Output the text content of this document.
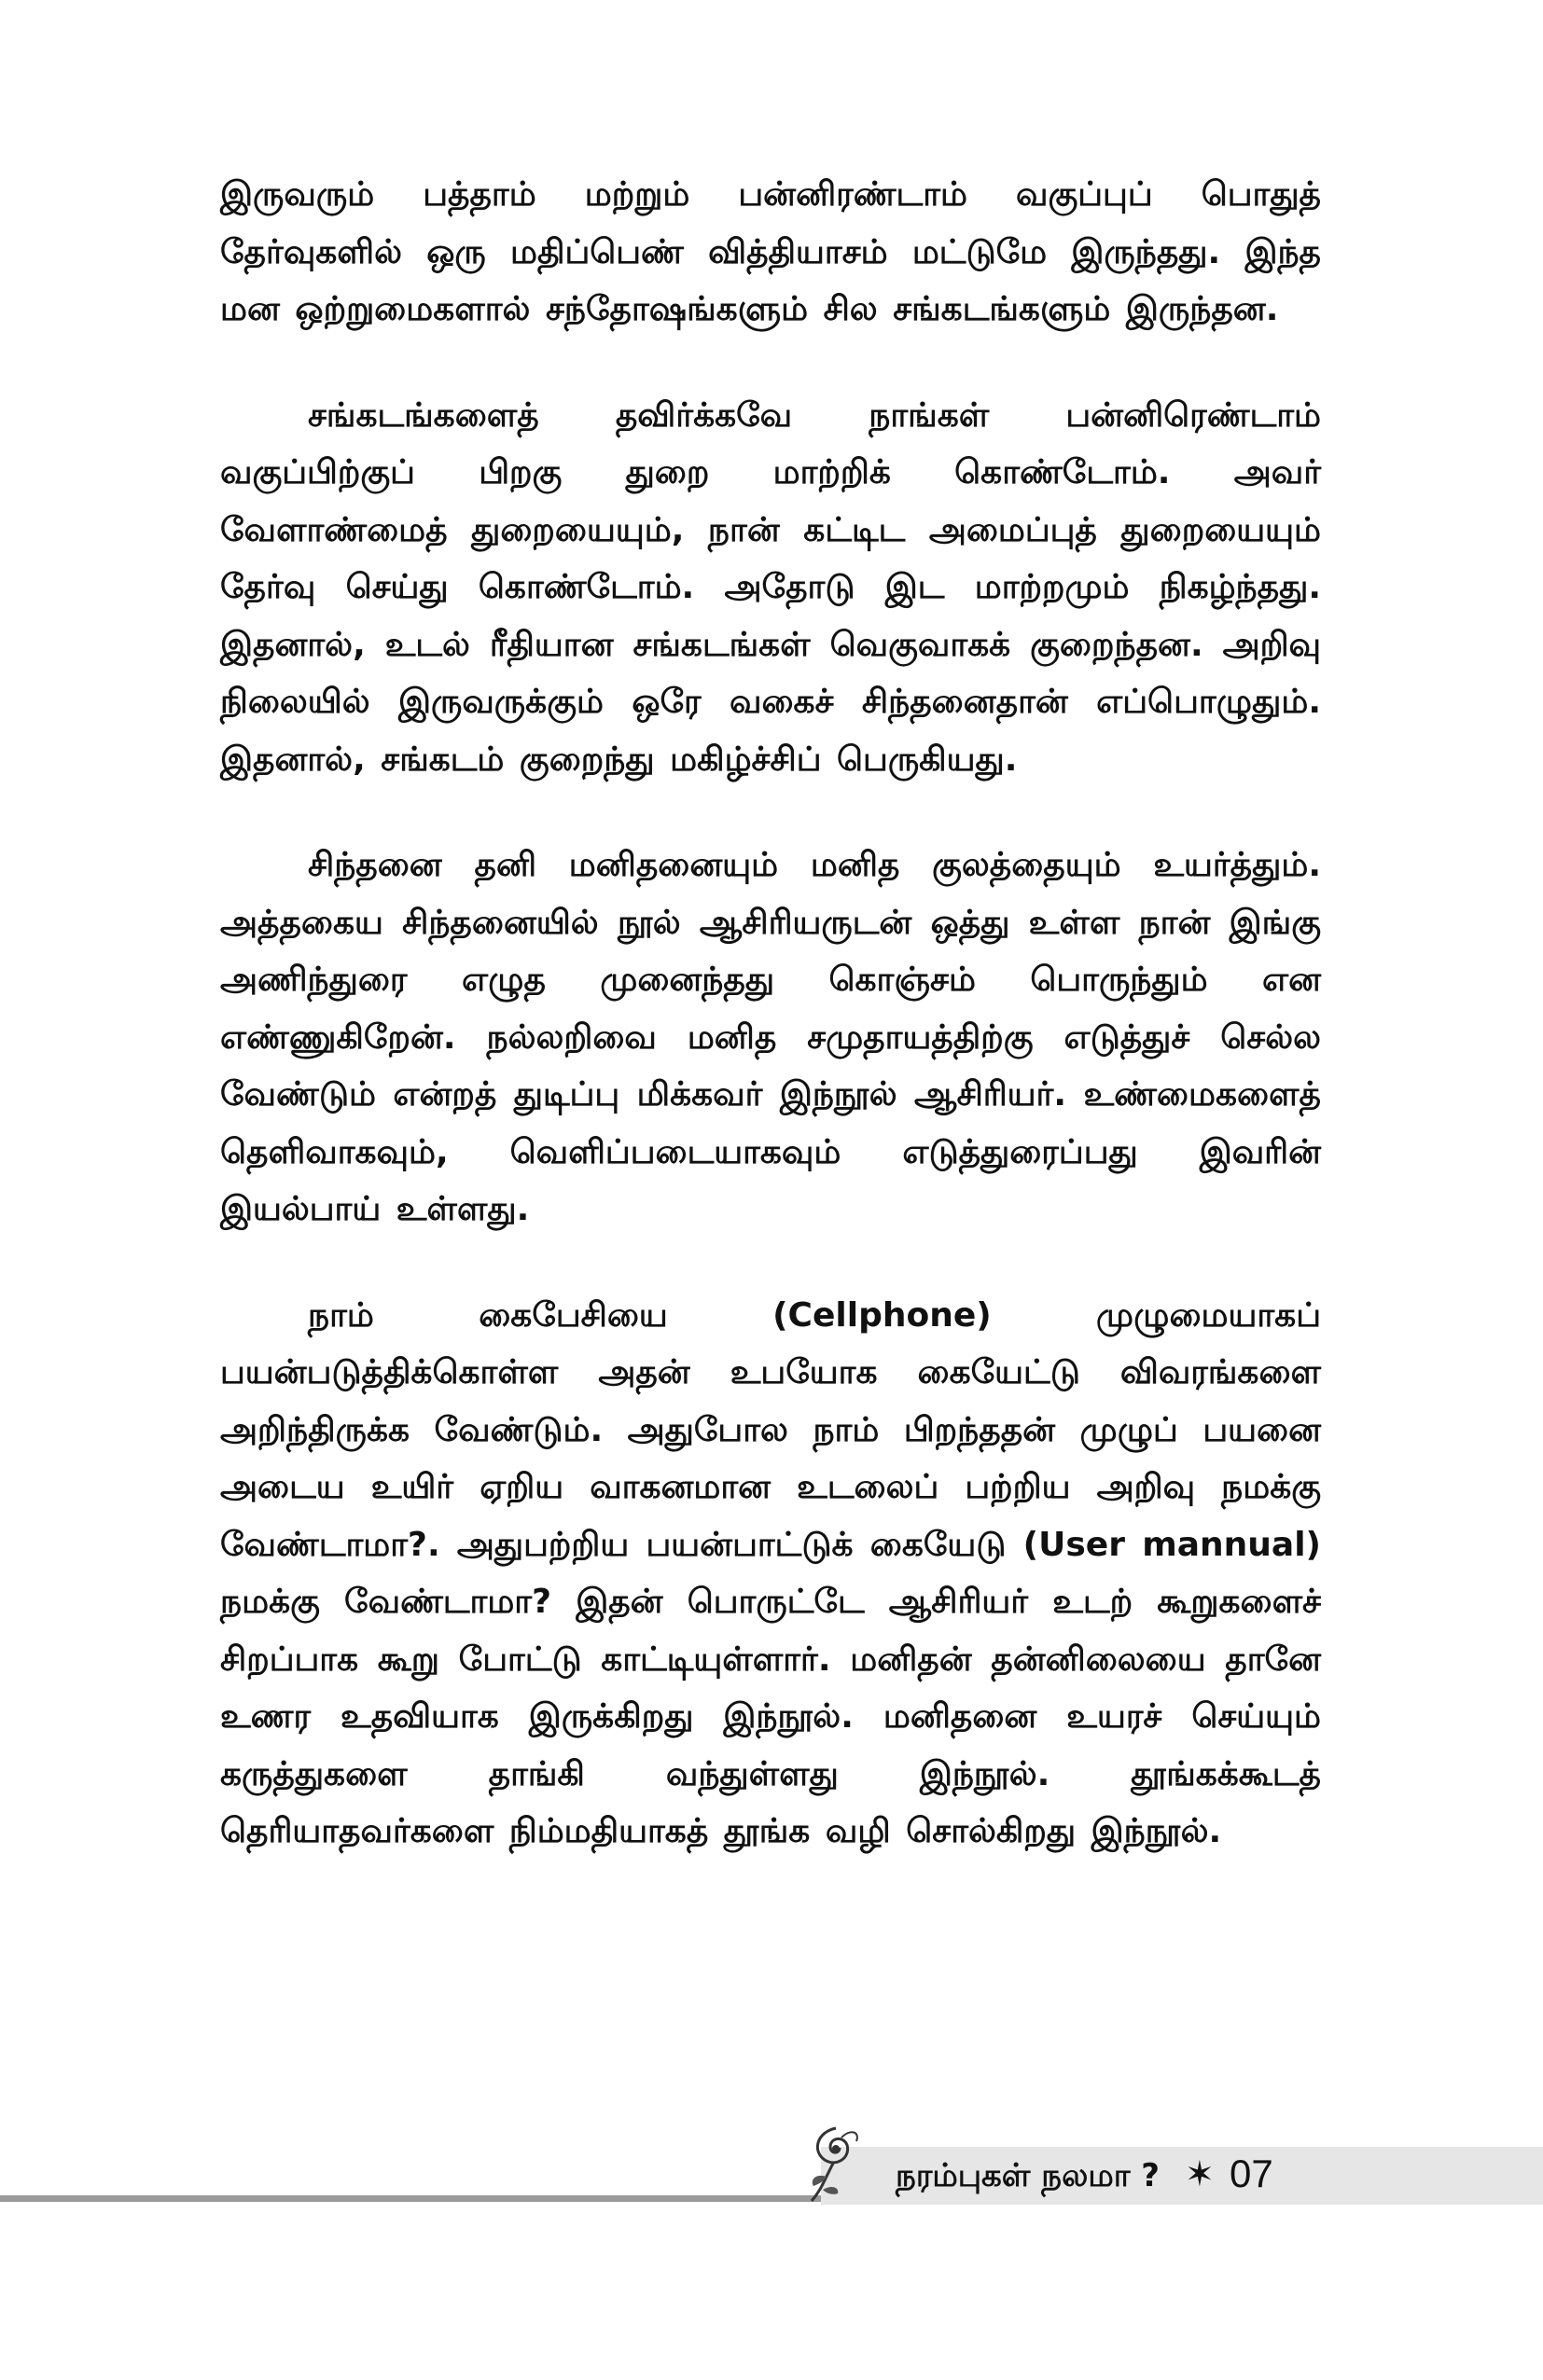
இருவரும் பத்தாம் மற்றும் பன்னிரண்டாம் வகுப்புப் பொதுத் தேர்வுகளில் ஒரு மதிப்பெண் வித்தியாசம் மட்டுமே இருந்தது. இந்த மன ஒற்றுமைகளால் சந்தோஷங்களும் சில சங்கடங்களும் இருந்தன.

சங்கடங்களைத் தவிர்க்கவே நாங்கள் பன்னிரெண்டாம் வகுப்பிற்குப் பிறகு துறை மாற்றிக் கொண்டோம். அவர் வேளாண்மைத் துறையையும், நான் கட்டிட அமைப்புத் துறையையும் தேர்வு செய்து கொண்டோம். அதோடு இட மாற்றமும் நிகழ்ந்தது. இதனால், உடல் ரீதியான சங்கடங்கள் வெகுவாகக் குறைந்தன. அறிவு நிலையில் இருவருக்கும் ஒரே வகைச் சிந்தனைதான் எப்பொழுதும். இதனால், சங்கடம் குறைந்து மகிழ்ச்சிப் பெருகியது.

சிந்தனை தனி மனிதனையும் மனித குலத்தையும் உயர்த்தும். அத்தகைய சிந்தனையில் நூல் ஆசிரியருடன் ஒத்து உள்ள நான் இங்கு அணிந்துரை எழுத முனைந்தது கொஞ்சம் பொருந்தும் என எண்ணுகிறேன். நல்லறிவை மனித சமுதாயத்திற்கு எடுத்துச் செல்ல வேண்டும் என்றத் துடிப்பு மிக்கவர் இந்நூல் ஆசிரியர். உண்மைகளைத் தெளிவாகவும், வெளிப்படையாகவும் எடுத்துரைப்பது இவரின் இயல்பாய் உள்ளது.

நாம் கைபேசியை (Cellphone) முழுமையாகப் பயன்படுத்திக்கொள்ள அதன் உபயோக கையேட்டு விவரங்களை அறிந்திருக்க வேண்டும். அதுபோல நாம் பிறந்ததன் முழுப் பயனை அடைய உயிர் ஏறிய வாகனமான உடலைப் பற்றிய அறிவு நமக்கு வேண்டாமா?. அதுபற்றிய பயன்பாட்டுக் கையேடு (User mannual) நமக்கு வேண்டாமா? இதன் பொருட்டே ஆசிரியர் உடற் கூறுகளைச் சிறப்பாக கூறு போட்டு காட்டியுள்ளார். மனிதன் தன்னிலையை தானே உணர உதவியாக இருக்கிறது இந்நூல். மனிதனை உயரச் செய்யும் கருத்துகளை தாங்கி வந்துள்ளது இந்நூல். தூங்கக்கூடத் தெரியாதவர்களை நிம்மதியாகத் தூங்க வழி சொல்கிறது இந்நூல்.

நரம்புகள் நலமா ? ✶ 07
